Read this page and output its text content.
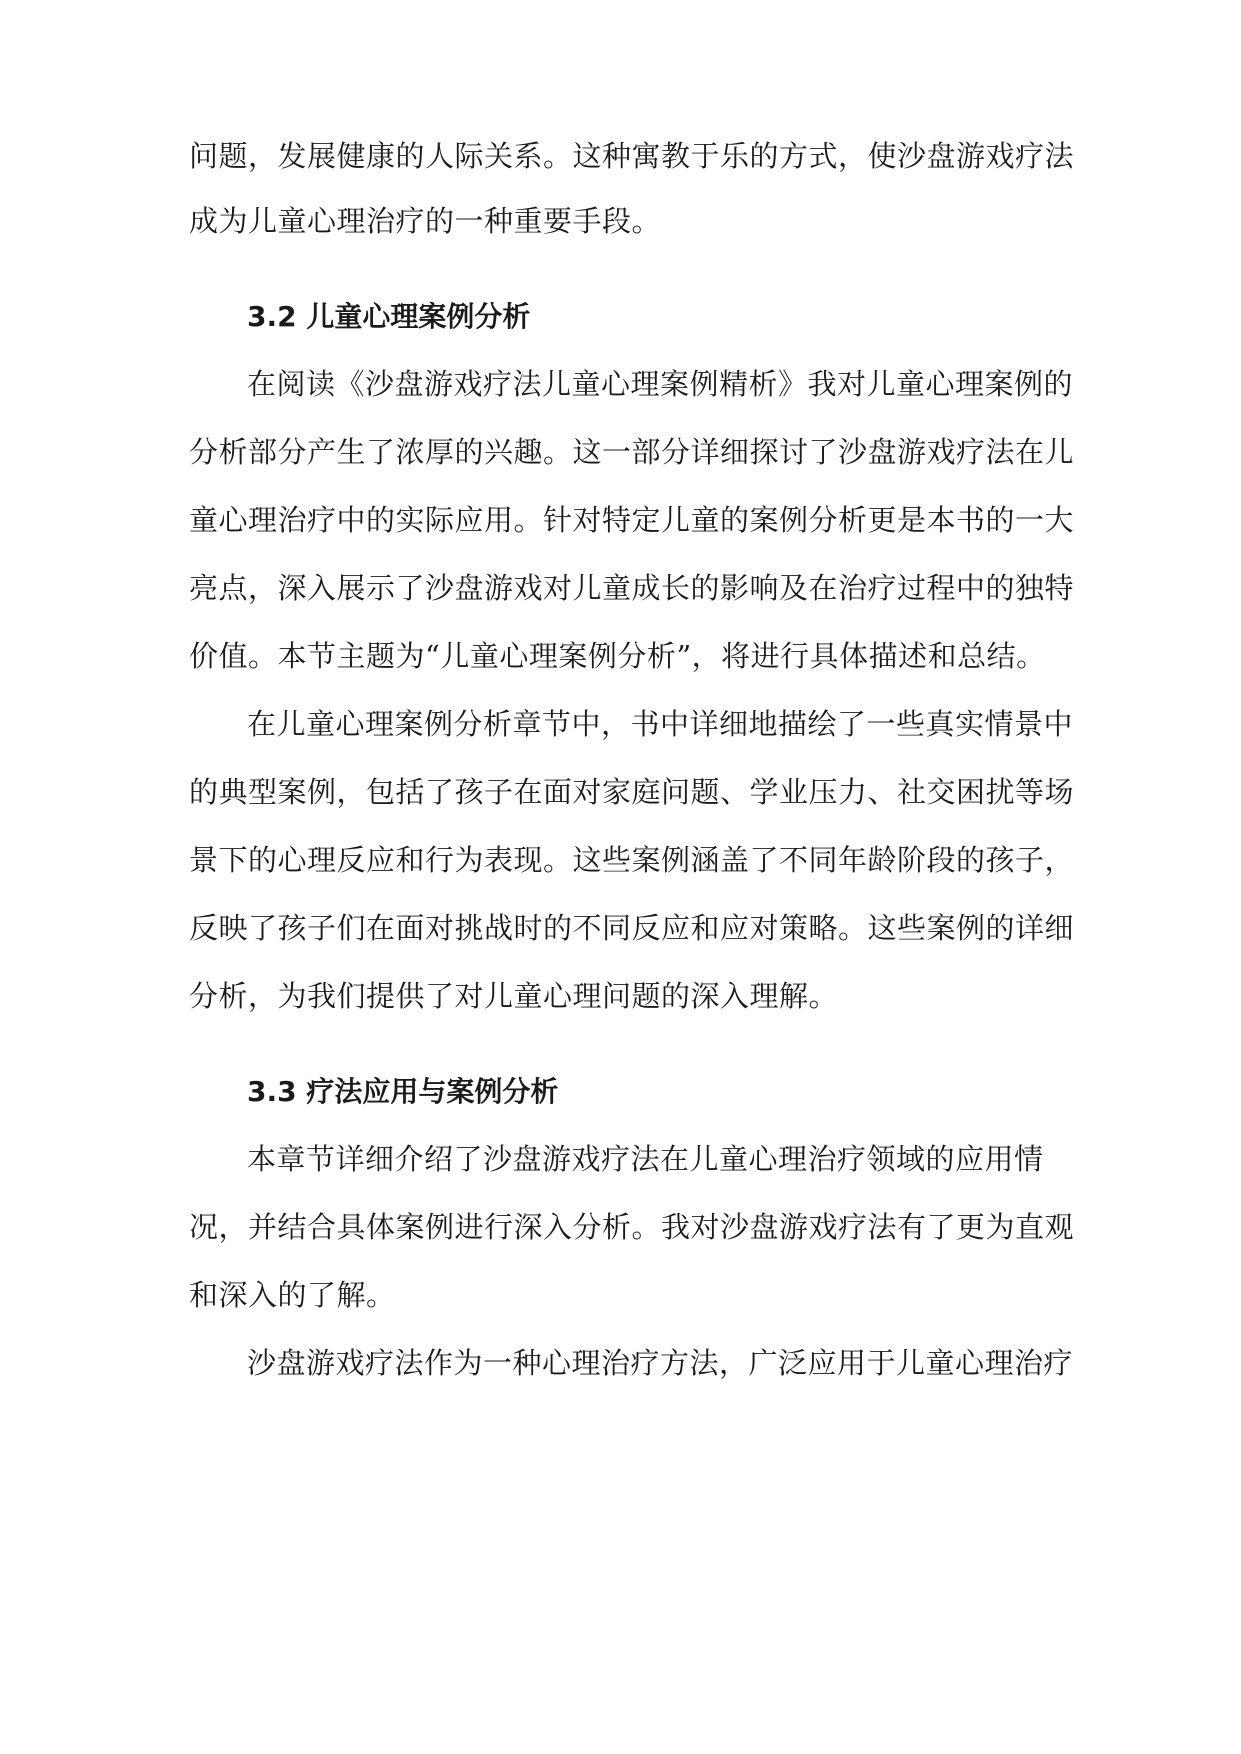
问题，发展健康的人际关系。这种寓教于乐的方式，使沙盘游戏疗法
成为儿童心理治疗的一种重要手段。
3.2 儿童心理案例分析
在阅读《沙盘游戏疗法儿童心理案例精析》我对儿童心理案例的
分析部分产生了浓厚的兴趣。这一部分详细探讨了沙盘游戏疗法在儿
童心理治疗中的实际应用。针对特定儿童的案例分析更是本书的一大
亮点，深入展示了沙盘游戏对儿童成长的影响及在治疗过程中的独特
价值。本节主题为“儿童心理案例分析”，将进行具体描述和总结。
在儿童心理案例分析章节中，书中详细地描绘了一些真实情景中
的典型案例，包括了孩子在面对家庭问题、学业压力、社交困扰等场
景下的心理反应和行为表现。这些案例涵盖了不同年龄阶段的孩子，
反映了孩子们在面对挑战时的不同反应和应对策略。这些案例的详细
分析，为我们提供了对儿童心理问题的深入理解。
3.3 疗法应用与案例分析
本章节详细介绍了沙盘游戏疗法在儿童心理治疗领域的应用情
况，并结合具体案例进行深入分析。我对沙盘游戏疗法有了更为直观
和深入的了解。
沙盘游戏疗法作为一种心理治疗方法，广泛应用于儿童心理治疗
